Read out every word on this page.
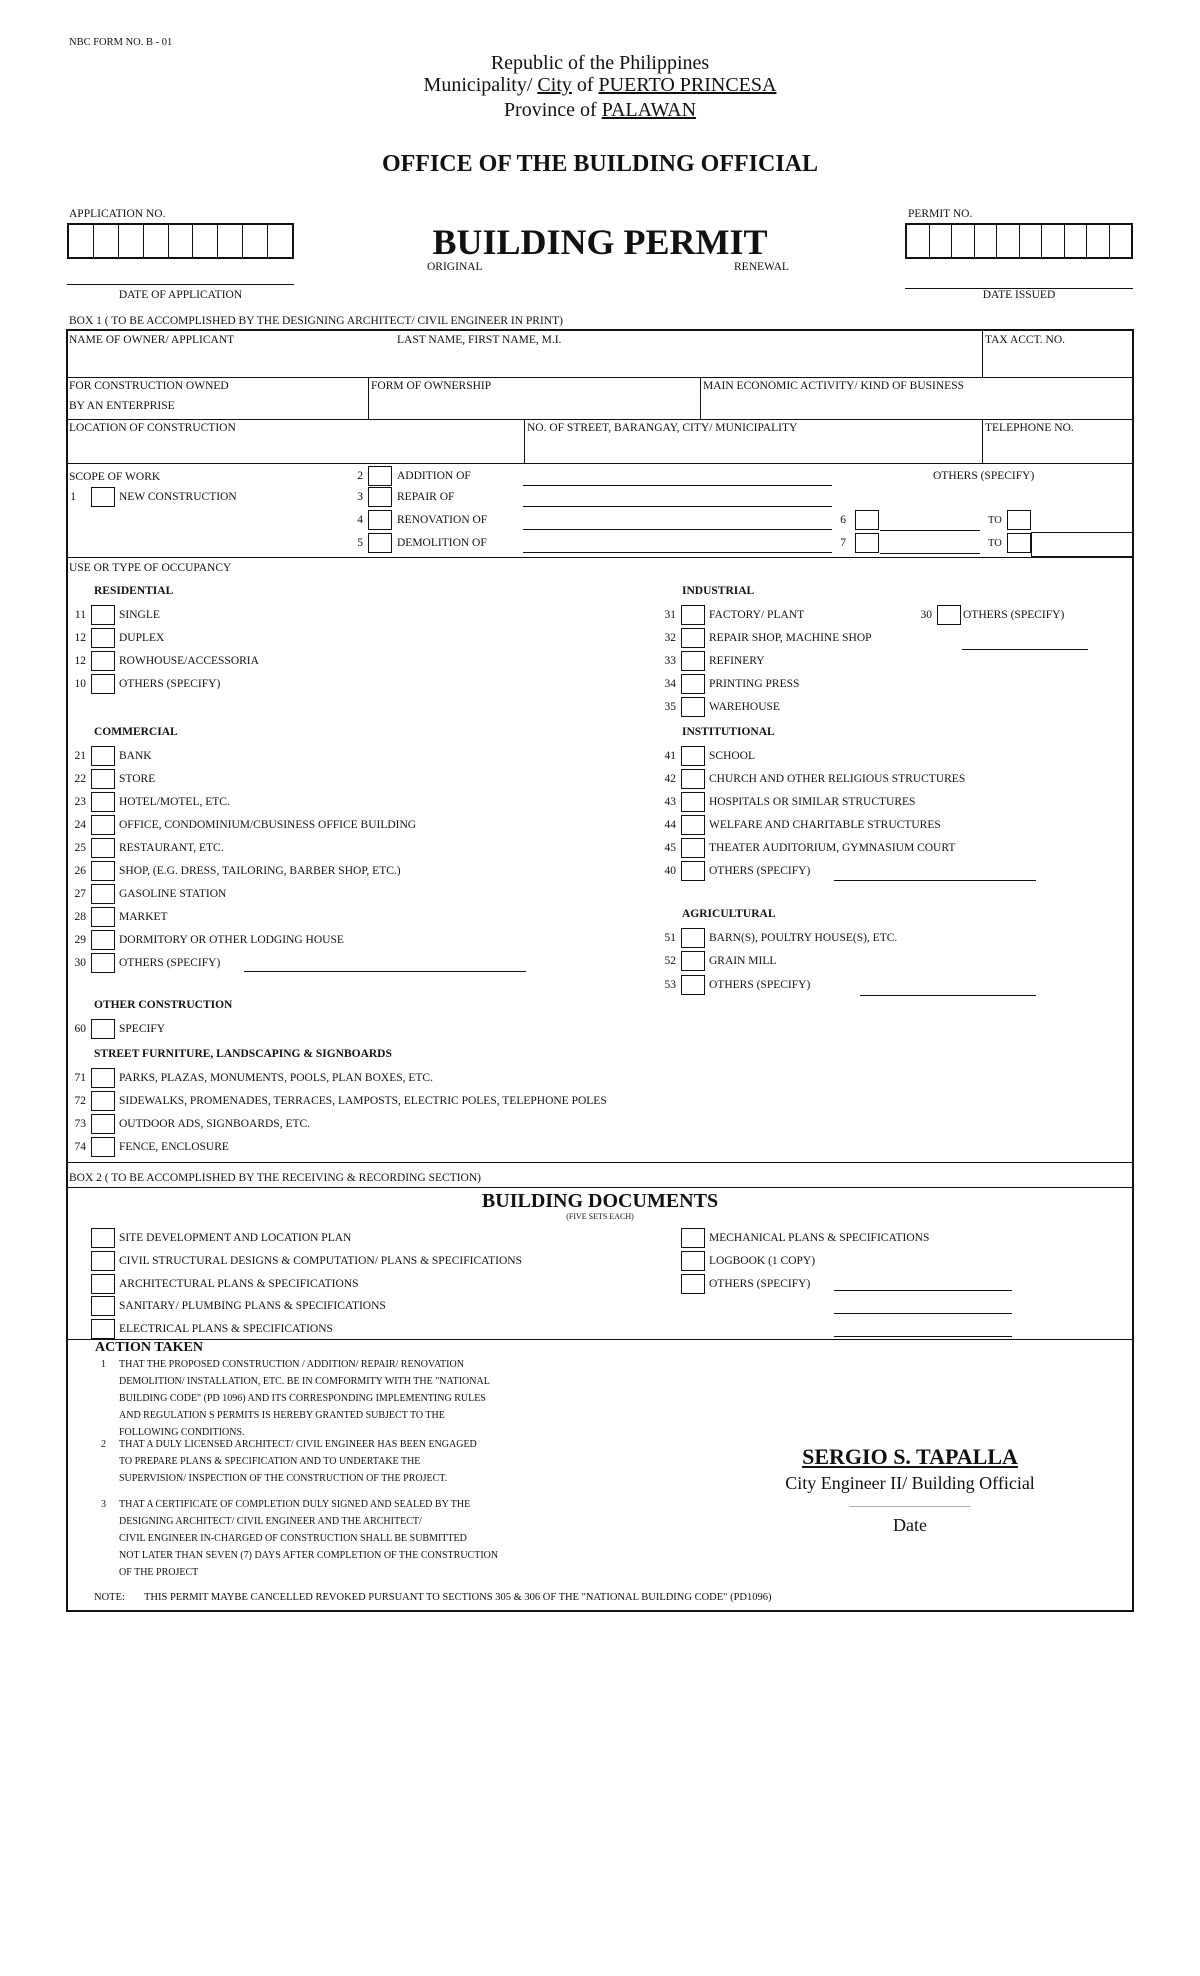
NBC FORM NO. B - 01
Republic of the Philippines
Municipality/ City of PUERTO PRINCESA
Province of PALAWAN
OFFICE OF THE BUILDING OFFICIAL
APPLICATION NO.	PERMIT NO.
BUILDING PERMIT
ORIGINAL	RENEWAL
DATE OF APPLICATION	DATE ISSUED
BOX 1 ( TO BE ACCOMPLISHED BY THE DESIGNING ARCHITECT/ CIVIL ENGINEER IN PRINT)
NAME OF OWNER/ APPLICANT	LAST NAME, FIRST NAME, M.I.	TAX ACCT. NO.
FOR CONSTRUCTION OWNED
BY AN ENTERPRISE
FORM OF OWNERSHIP	MAIN ECONOMIC ACTIVITY/ KIND OF BUSINESS
LOCATION OF CONSTRUCTION	NO. OF STREET, BARANGAY, CITY/ MUNICIPALITY	TELEPHONE NO.
SCOPE OF WORK
1	NEW CONSTRUCTION
2	ADDITION OF
3	REPAIR OF
4	RENOVATION OF
5	DEMOLITION OF
OTHERS (SPECIFY)
6	TO
7	TO
USE OR TYPE OF OCCUPANCY
RESIDENTIAL
11	SINGLE
12	DUPLEX
12	ROWHOUSE/ACCESSORIA
10	OTHERS (SPECIFY)
COMMERCIAL
21	BANK
22	STORE
23	HOTEL/MOTEL, ETC.
24	OFFICE, CONDOMINIUM/CBUSINESS OFFICE BUILDING
25	RESTAURANT, ETC.
26	SHOP, (E.G. DRESS, TAILORING, BARBER SHOP, ETC.)
27	GASOLINE STATION
28	MARKET
29	DORMITORY OR OTHER LODGING HOUSE
30	OTHERS (SPECIFY)
OTHER CONSTRUCTION
60	SPECIFY
STREET FURNITURE, LANDSCAPING & SIGNBOARDS
71	PARKS, PLAZAS, MONUMENTS, POOLS, PLAN BOXES, ETC.
72	SIDEWALKS, PROMENADES, TERRACES, LAMPOSTS, ELECTRIC POLES, TELEPHONE POLES
73	OUTDOOR ADS, SIGNBOARDS, ETC.
74	FENCE, ENCLOSURE
INDUSTRIAL
31	FACTORY/ PLANT
32	REPAIR SHOP, MACHINE SHOP
33	REFINERY
34	PRINTING PRESS
35	WAREHOUSE
30	OTHERS (SPECIFY)
INSTITUTIONAL
41	SCHOOL
42	CHURCH AND OTHER RELIGIOUS STRUCTURES
43	HOSPITALS OR SIMILAR STRUCTURES
44	WELFARE AND CHARITABLE STRUCTURES
45	THEATER AUDITORIUM, GYMNASIUM COURT
40	OTHERS (SPECIFY)
AGRICULTURAL
51	BARN(S), POULTRY HOUSE(S), ETC.
52	GRAIN MILL
53	OTHERS (SPECIFY)
BOX 2 ( TO BE ACCOMPLISHED BY THE RECEIVING & RECORDING SECTION)
BUILDING DOCUMENTS
(FIVE SETS EACH)
SITE DEVELOPMENT AND LOCATION PLAN
CIVIL STRUCTURAL DESIGNS & COMPUTATION/ PLANS & SPECIFICATIONS
ARCHITECTURAL PLANS & SPECIFICATIONS
SANITARY/ PLUMBING PLANS & SPECIFICATIONS
ELECTRICAL PLANS & SPECIFICATIONS
MECHANICAL PLANS & SPECIFICATIONS
LOGBOOK (1 COPY)
OTHERS (SPECIFY)
ACTION TAKEN
1 THAT THE PROPOSED CONSTRUCTION / ADDITION/ REPAIR/ RENOVATION
DEMOLITION/ INSTALLATION, ETC. BE IN COMFORMITY WITH THE "NATIONAL
BUILDING CODE" (PD 1096) AND ITS CORRESPONDING IMPLEMENTING RULES
AND REGULATION S PERMITS IS HEREBY GRANTED SUBJECT TO THE
FOLLOWING CONDITIONS.
2 THAT A DULY LICENSED ARCHITECT/ CIVIL ENGINEER HAS BEEN ENGAGED
TO PREPARE PLANS & SPECIFICATION AND TO UNDERTAKE THE
SUPERVISION/ INSPECTION OF THE CONSTRUCTION OF THE PROJECT.
3 THAT A CERTIFICATE OF COMPLETION DULY SIGNED AND SEALED BY THE
DESIGNING ARCHITECT/ CIVIL ENGINEER AND THE ARCHITECT/
CIVIL ENGINEER IN-CHARGED OF CONSTRUCTION SHALL BE SUBMITTED
NOT LATER THAN SEVEN (7) DAYS AFTER COMPLETION OF THE CONSTRUCTION
OF THE PROJECT
NOTE: THIS PERMIT MAYBE CANCELLED REVOKED PURSUANT TO SECTIONS 305 & 306 OF THE "NATIONAL BUILDING CODE" (PD1096)
SERGIO S. TAPALLA
City Engineer II/ Building Official
______________________
Date
